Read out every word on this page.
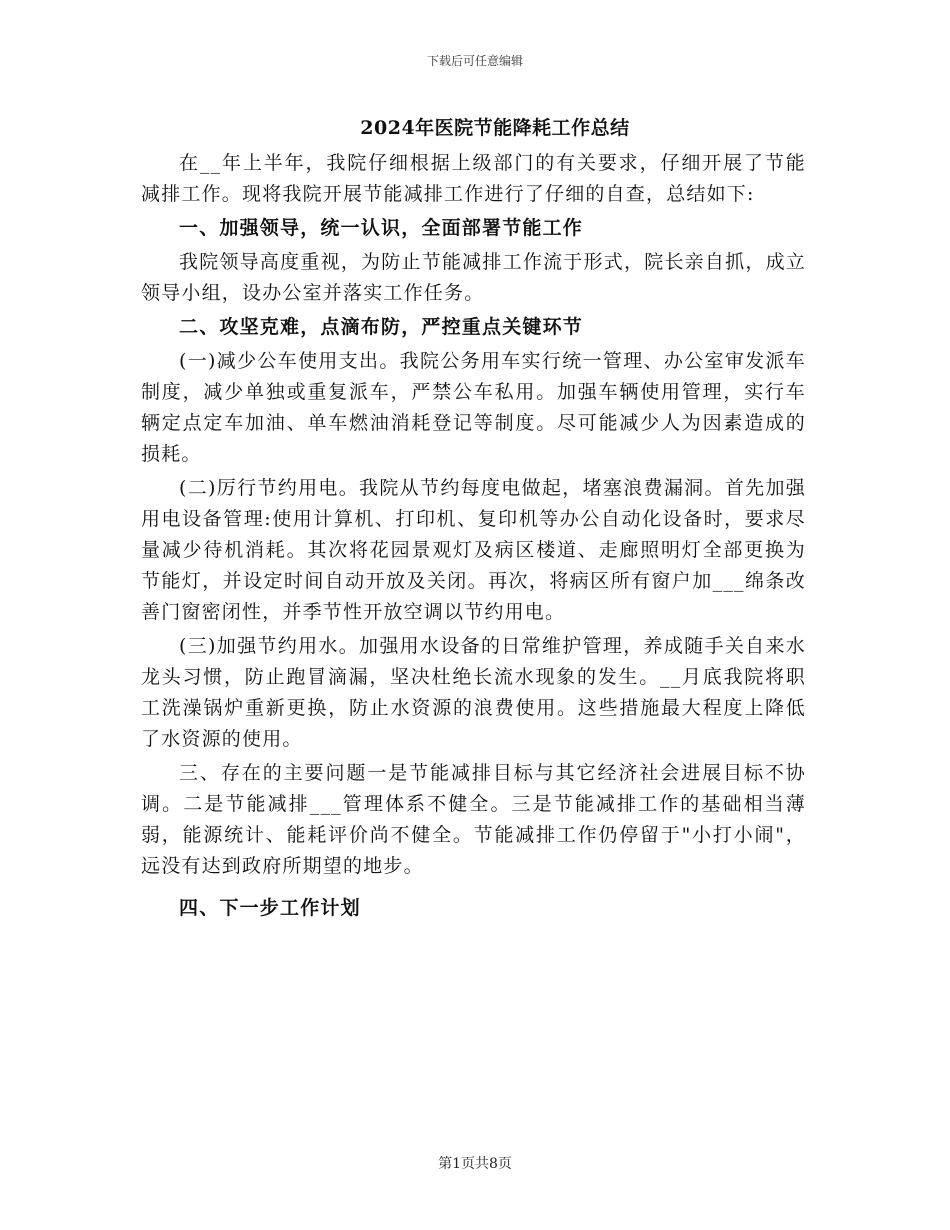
下载后可任意编辑
2024年医院节能降耗工作总结

在__年上半年，我院仔细根据上级部门的有关要求，仔细开展了节能减排工作。现将我院开展节能减排工作进行了仔细的自查，总结如下:

一、加强领导，统一认识，全面部署节能工作

我院领导高度重视，为防止节能减排工作流于形式，院长亲自抓，成立领导小组，设办公室并落实工作任务。

二、攻坚克难，点滴布防，严控重点关键环节

(一)减少公车使用支出。我院公务用车实行统一管理、办公室审发派车制度，减少单独或重复派车，严禁公车私用。加强车辆使用管理，实行车辆定点定车加油、单车燃油消耗登记等制度。尽可能减少人为因素造成的损耗。

(二)厉行节约用电。我院从节约每度电做起，堵塞浪费漏洞。首先加强用电设备管理:使用计算机、打印机、复印机等办公自动化设备时，要求尽量减少待机消耗。其次将花园景观灯及病区楼道、走廊照明灯全部更换为节能灯，并设定时间自动开放及关闭。再次，将病区所有窗户加___绵条改善门窗密闭性，并季节性开放空调以节约用电。

(三)加强节约用水。加强用水设备的日常维护管理，养成随手关自来水龙头习惯，防止跑冒滴漏，坚决杜绝长流水现象的发生。__月底我院将职工洗澡锅炉重新更换，防止水资源的浪费使用。这些措施最大程度上降低了水资源的使用。

三、存在的主要问题一是节能减排目标与其它经济社会进展目标不协调。二是节能减排___管理体系不健全。三是节能减排工作的基础相当薄弱，能源统计、能耗评价尚不健全。节能减排工作仍停留于"小打小闹"，远没有达到政府所期望的地步。

四、下一步工作计划

第1页共8页
